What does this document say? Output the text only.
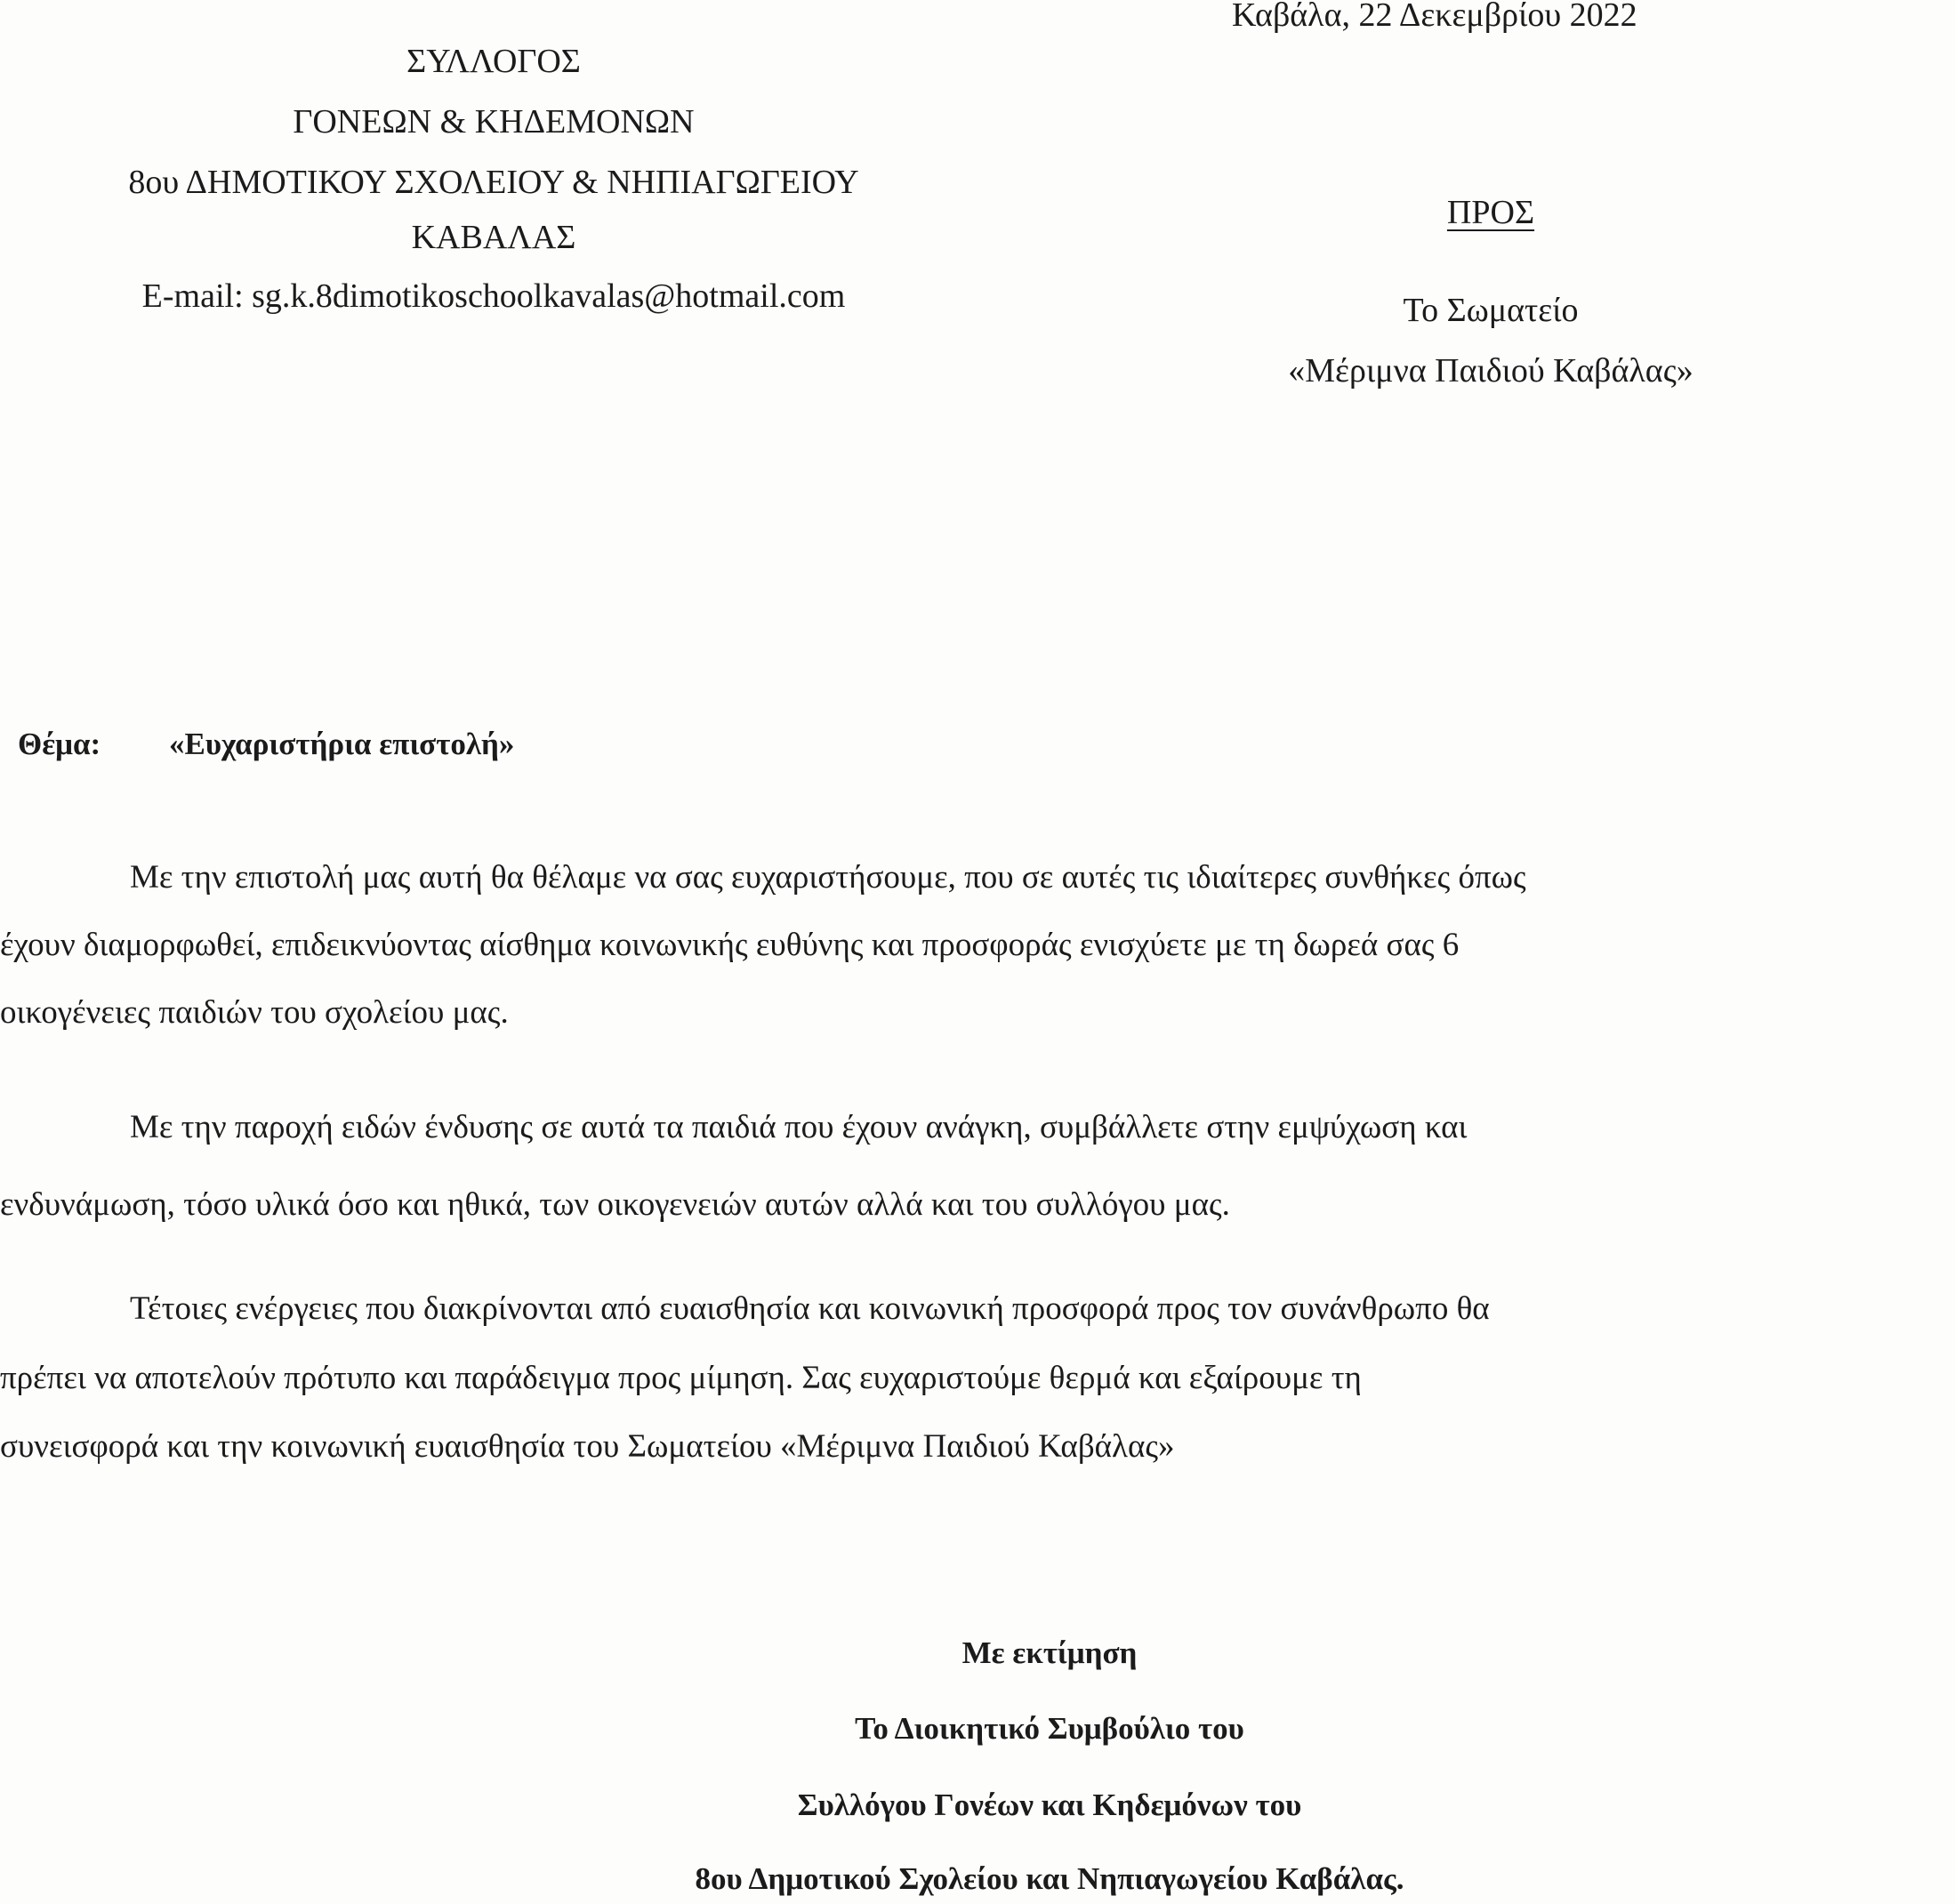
Καβάλα, 22 Δεκεμβρίου 2022
ΣΥΛΛΟΓΟΣ
ΓΟΝΕΩΝ & ΚΗΔΕΜΟΝΩΝ
8ου ΔΗΜΟΤΙΚΟΥ ΣΧΟΛΕΙΟΥ & ΝΗΠΙΑΓΩΓΕΙΟΥ
ΚΑΒΑΛΑΣ
E-mail: sg.k.8dimotikoschoolkavalas@hotmail.com
ΠΡΟΣ
Το Σωματείο
«Μέριμνα Παιδιού Καβάλας»
Θέμα: «Ευχαριστήρια επιστολή»
Με την επιστολή μας αυτή θα θέλαμε να σας ευχαριστήσουμε, που σε αυτές τις ιδιαίτερες συνθήκες όπως
έχουν διαμορφωθεί, επιδεικνύοντας αίσθημα κοινωνικής ευθύνης και προσφοράς ενισχύετε με τη δωρεά σας 6
οικογένειες παιδιών του σχολείου μας.
Με την παροχή ειδών ένδυσης σε αυτά τα παιδιά που έχουν ανάγκη, συμβάλλετε στην εμψύχωση και
ενδυνάμωση, τόσο υλικά όσο και ηθικά, των οικογενειών αυτών αλλά και του συλλόγου μας.
Τέτοιες ενέργειες που διακρίνονται από ευαισθησία και κοινωνική προσφορά προς τον συνάνθρωπο θα
πρέπει να αποτελούν πρότυπο και παράδειγμα προς μίμηση. Σας ευχαριστούμε θερμά και εξαίρουμε τη
συνεισφορά και την κοινωνική ευαισθησία του Σωματείου «Μέριμνα Παιδιού Καβάλας»
Με εκτίμηση
Το Διοικητικό Συμβούλιο του
Συλλόγου Γονέων και Κηδεμόνων του
8ου Δημοτικού Σχολείου και Νηπιαγωγείου Καβάλας.
